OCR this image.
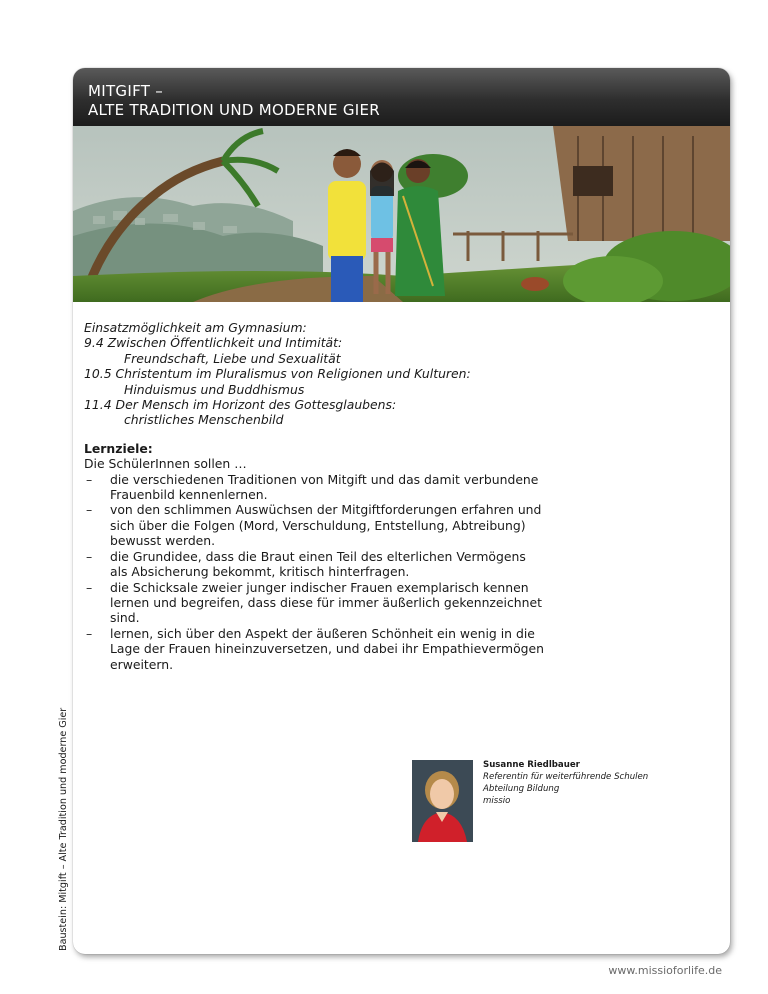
MITGIFT –
ALTE TRADITION UND MODERNE GIER
Einsatzmöglichkeit am Gymnasium:
9.4 Zwischen Öffentlichkeit und Intimität:
Freundschaft, Liebe und Sexualität
10.5 Christentum im Pluralismus von Religionen und Kulturen:
Hinduismus und Buddhismus
11.4 Der Mensch im Horizont des Gottesglaubens:
christliches Menschenbild
Lernziele:
Die SchülerInnen sollen …
– die verschiedenen Traditionen von Mitgift und das damit verbundene
Frauenbild kennenlernen.
– von den schlimmen Auswüchsen der Mitgiftforderungen erfahren und
sich über die Folgen (Mord, Verschuldung, Entstellung, Abtreibung)
bewusst werden.
– die Grundidee, dass die Braut einen Teil des elterlichen Vermögens
als Absicherung bekommt, kritisch hinterfragen.
– die Schicksale zweier junger indischer Frauen exemplarisch kennen
lernen und begreifen, dass diese für immer äußerlich gekennzeichnet
sind.
– lernen, sich über den Aspekt der äußeren Schönheit ein wenig in die
Lage der Frauen hineinzuversetzen, und dabei ihr Empathievermögen
erweitern.
Susanne Riedlbauer
Referentin für weiterführende Schulen
Abteilung Bildung
missio
Baustein: Mitgift – Alte Tradition und moderne Gier
www.missioforlife.de
